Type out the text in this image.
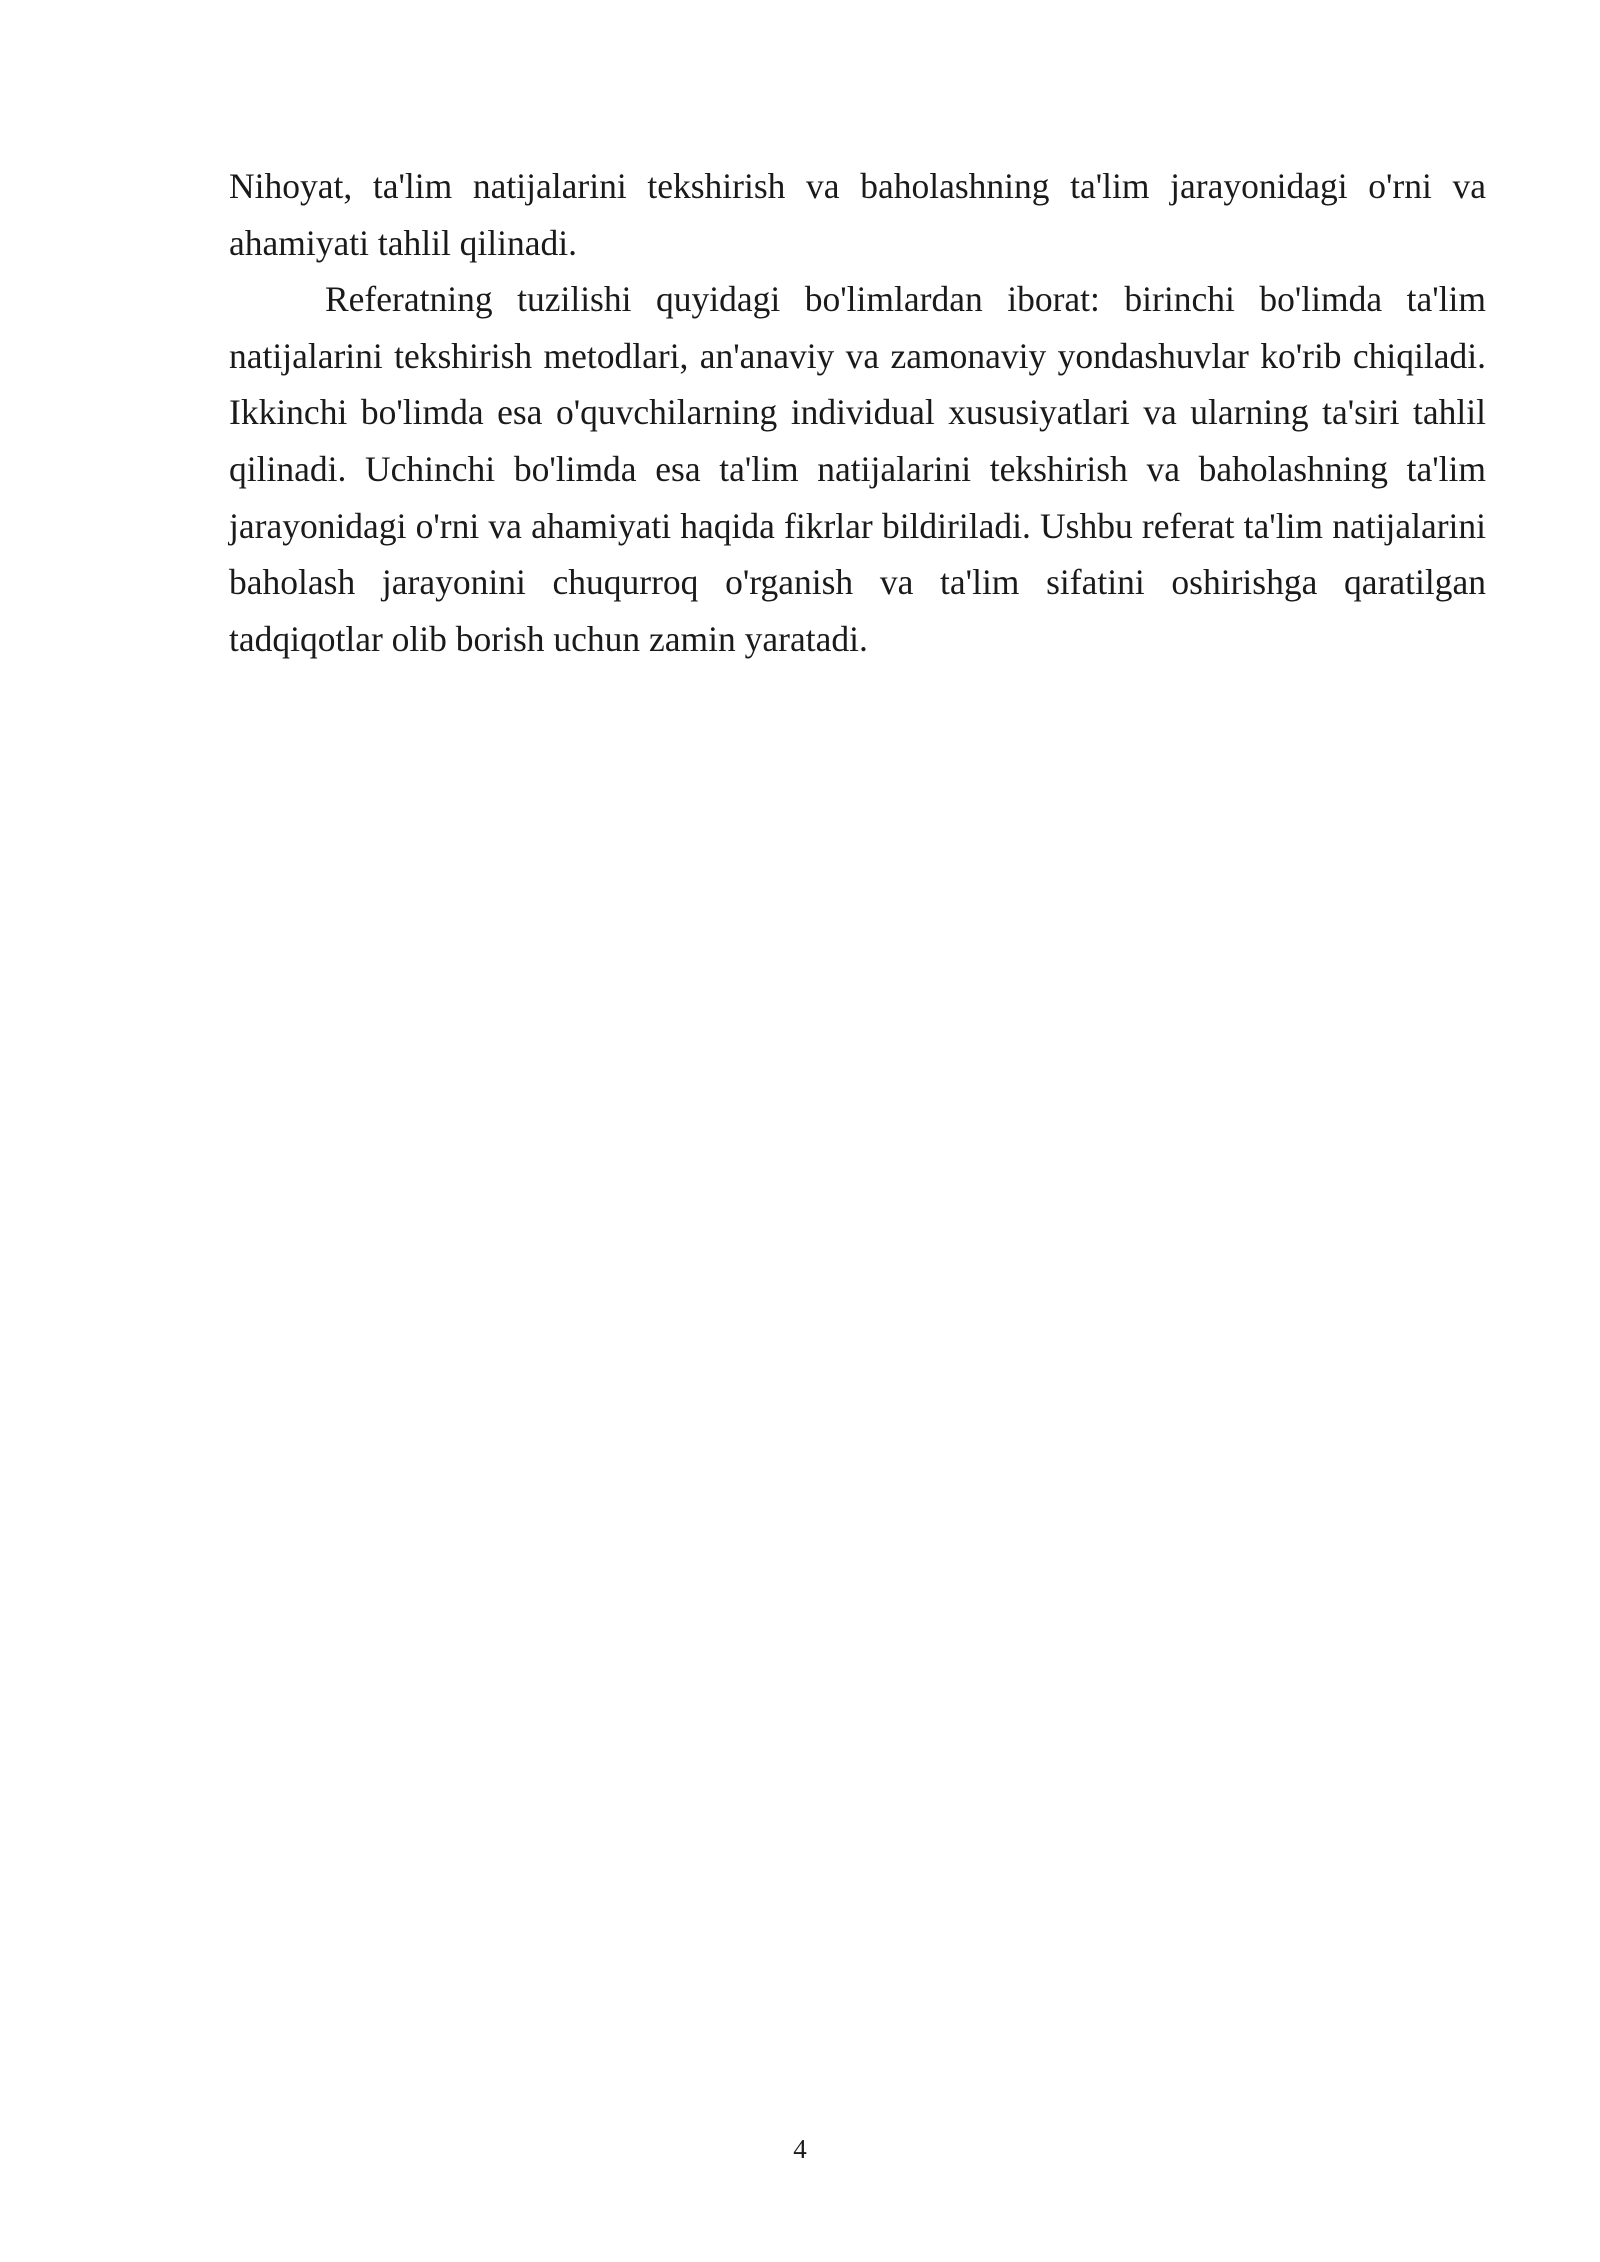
Nihoyat, ta'lim natijalarini tekshirish va baholashning ta'lim jarayonidagi o'rni va ahamiyati tahlil qilinadi.

Referatning tuzilishi quyidagi bo'limlardan iborat: birinchi bo'limda ta'lim natijalarini tekshirish metodlari, an'anaviy va zamonaviy yondashuvlar ko'rib chiqiladi. Ikkinchi bo'limda esa o'quvchilarning individual xususiyatlari va ularning ta'siri tahlil qilinadi. Uchinchi bo'limda esa ta'lim natijalarini tekshirish va baholashning ta'lim jarayonidagi o'rni va ahamiyati haqida fikrlar bildiriladi. Ushbu referat ta'lim natijalarini baholash jarayonini chuqurroq o'rganish va ta'lim sifatini oshirishga qaratilgan tadqiqotlar olib borish uchun zamin yaratadi.

4
